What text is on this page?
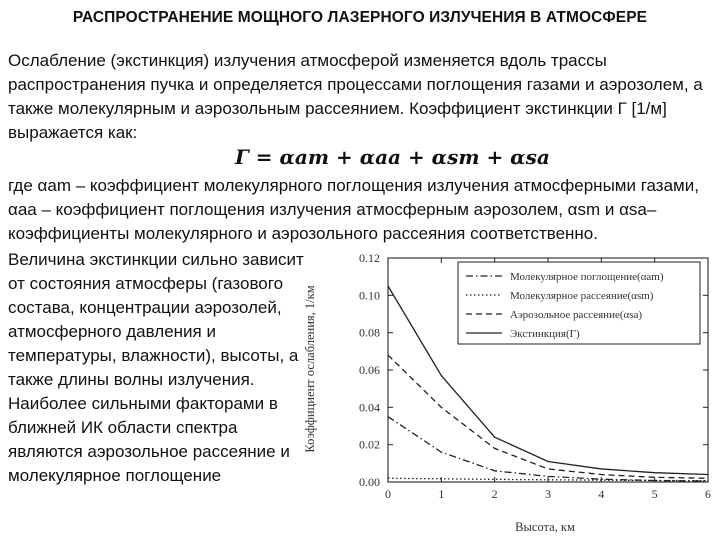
РАСПРОСТРАНЕНИЕ МОЩНОГО ЛАЗЕРНОГО ИЗЛУЧЕНИЯ В АТМОСФЕРЕ
Ослабление (экстинкция) излучения атмосферой изменяется вдоль трассы распространения пучка и определяется процессами поглощения газами и аэрозолем, а также молекулярным и аэрозольным рассеянием. Коэффициент экстинкции Г [1/м] выражается как:
Г = αam + αaa + αsm + αsa
где αam – коэффициент молекулярного поглощения излучения атмосферными газами, αaa – коэффициент поглощения излучения атмосферным аэрозолем, αsm и αsa– коэффициенты молекулярного и аэрозольного рассеяния соответственно.
Величина экстинкции сильно зависит от состояния атмосферы (газового состава, концентрации аэрозолей, атмосферного давления и температуры, влажности), высоты, а также длины волны излучения. Наиболее сильными факторами в ближней ИК области спектра являются аэрозольное рассеяние и молекулярное поглощение
Коэффициент ослабления, 1/км
Высота, км
0	1	2	3	4	5	6
0.00
0.02
0.04
0.06
0.08
0.10
0.12
Молекулярное поглощение(αam)
Молекулярное рассеяние(αsm)
Аэрозольное рассеяние(αsa)
Экстинкция(Г)
